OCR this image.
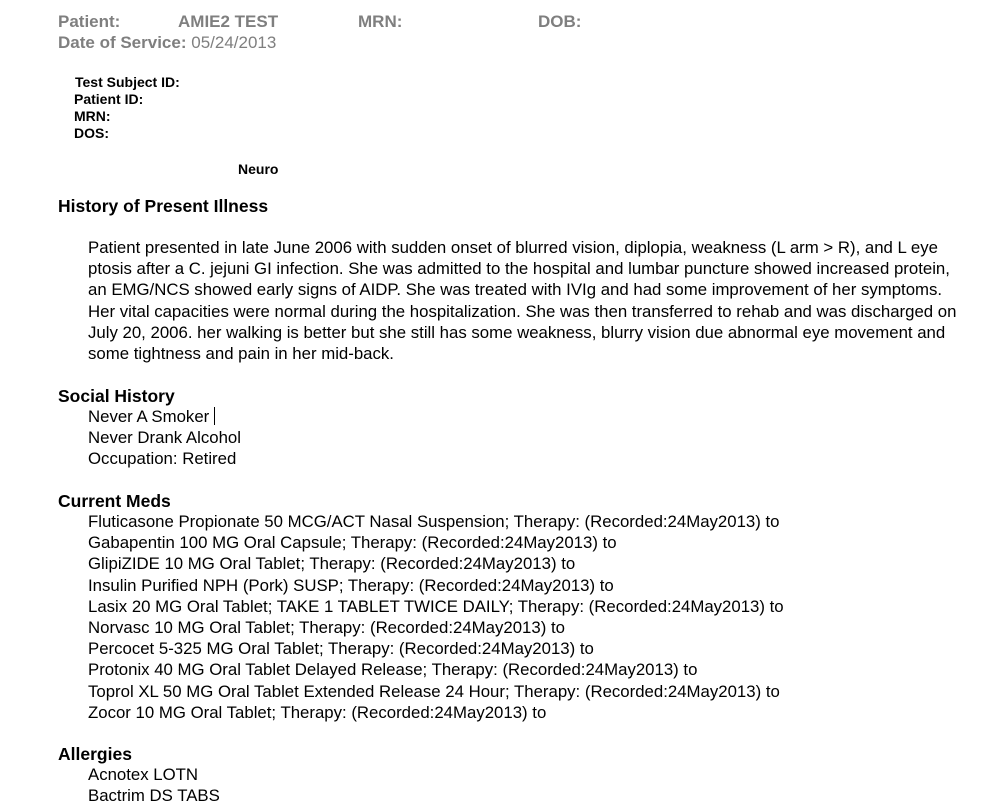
Patient:	AMIE2 TEST	MRN:	DOB:
Date of Service: 05/24/2013
Test Subject ID:
Patient ID:
MRN:
DOS:
Neuro
History of Present Illness
Patient presented in late June 2006 with sudden onset of blurred vision, diplopia, weakness (L arm > R), and L eye ptosis after a C. jejuni GI infection. She was admitted to the hospital and lumbar puncture showed increased protein, an EMG/NCS showed early signs of AIDP. She was treated with IVIg and had some improvement of her symptoms. Her vital capacities were normal during the hospitalization. She was then transferred to rehab and was discharged on July 20, 2006. her walking is better but she still has some weakness, blurry vision due abnormal eye movement and some tightness and pain in her mid-back.
Social History
Never A Smoker
Never Drank Alcohol
Occupation: Retired
Current Meds
Fluticasone Propionate 50 MCG/ACT Nasal Suspension; Therapy: (Recorded:24May2013) to
Gabapentin 100 MG Oral Capsule; Therapy: (Recorded:24May2013) to
GlipiZIDE 10 MG Oral Tablet; Therapy: (Recorded:24May2013) to
Insulin Purified NPH (Pork) SUSP; Therapy: (Recorded:24May2013) to
Lasix 20 MG Oral Tablet; TAKE 1 TABLET TWICE DAILY; Therapy: (Recorded:24May2013) to
Norvasc 10 MG Oral Tablet; Therapy: (Recorded:24May2013) to
Percocet 5-325 MG Oral Tablet; Therapy: (Recorded:24May2013) to
Protonix 40 MG Oral Tablet Delayed Release; Therapy: (Recorded:24May2013) to
Toprol XL 50 MG Oral Tablet Extended Release 24 Hour; Therapy: (Recorded:24May2013) to
Zocor 10 MG Oral Tablet; Therapy: (Recorded:24May2013) to
Allergies
Acnotex LOTN
Bactrim DS TABS
